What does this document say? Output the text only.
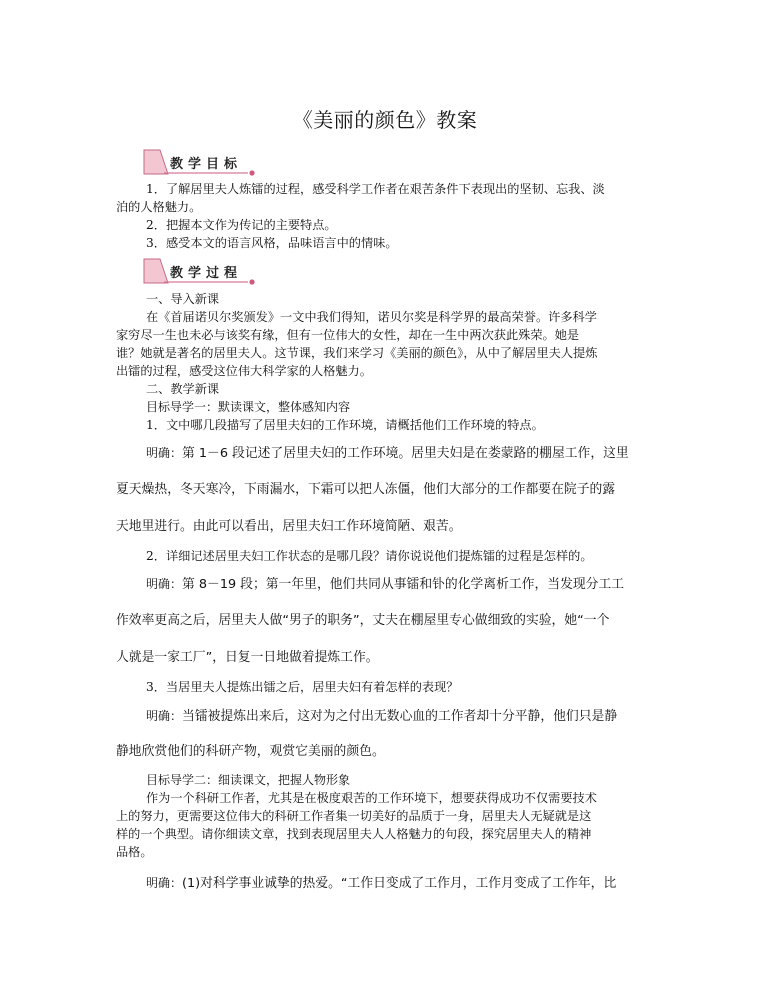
《美丽的颜色》教案
教学目标
1．了解居里夫人炼镭的过程，感受科学工作者在艰苦条件下表现出的坚韧、忘我、淡
泊的人格魅力。
2．把握本文作为传记的主要特点。
3．感受本文的语言风格，品味语言中的情味。
教学过程
一、导入新课
在《首届诺贝尔奖颁发》一文中我们得知，诺贝尔奖是科学界的最高荣誉。许多科学
家穷尽一生也未必与该奖有缘，但有一位伟大的女性，却在一生中两次获此殊荣。她是
谁？她就是著名的居里夫人。这节课，我们来学习《美丽的颜色》，从中了解居里夫人提炼
出镭的过程，感受这位伟大科学家的人格魅力。
二、教学新课
目标导学一：默读课文，整体感知内容
1．文中哪几段描写了居里夫妇的工作环境，请概括他们工作环境的特点。
明确：第 1－6 段记述了居里夫妇的工作环境。居里夫妇是在娄蒙路的棚屋工作，这里
夏天燥热，冬天寒冷，下雨漏水，下霜可以把人冻僵，他们大部分的工作都要在院子的露
天地里进行。由此可以看出，居里夫妇工作环境简陋、艰苦。
2．详细记述居里夫妇工作状态的是哪几段？请你说说他们提炼镭的过程是怎样的。
明确：第 8－19 段；第一年里，他们共同从事镭和钋的化学离析工作，当发现分工工
作效率更高之后，居里夫人做“男子的职务”，丈夫在棚屋里专心做细致的实验，她“一个
人就是一家工厂”，日复一日地做着提炼工作。
3．当居里夫人提炼出镭之后，居里夫妇有着怎样的表现？
明确：当镭被提炼出来后，这对为之付出无数心血的工作者却十分平静，他们只是静
静地欣赏他们的科研产物，观赏它美丽的颜色。
目标导学二：细读课文，把握人物形象
作为一个科研工作者，尤其是在极度艰苦的工作环境下，想要获得成功不仅需要技术
上的努力，更需要这位伟大的科研工作者集一切美好的品质于一身，居里夫人无疑就是这
样的一个典型。请你细读文章，找到表现居里夫人人格魅力的句段，探究居里夫人的精神
品格。
明确：(1)对科学事业诚挚的热爱。“工作日变成了工作月，工作月变成了工作年，比
